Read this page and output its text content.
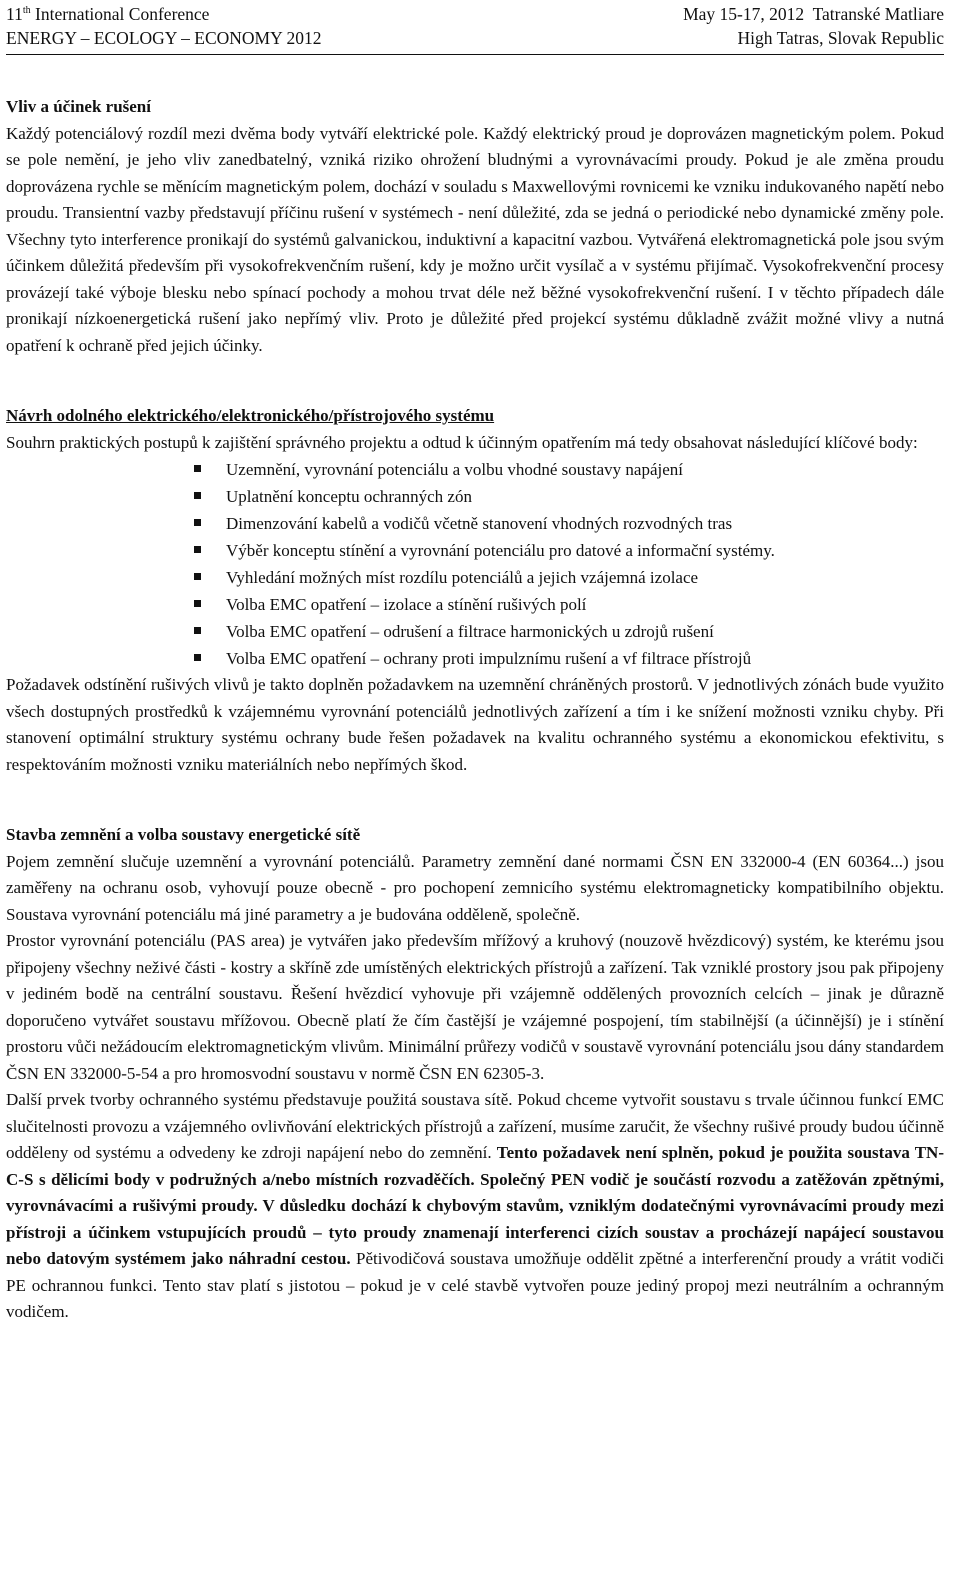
11th International Conference
ENERGY – ECOLOGY – ECONOMY 2012
May 15-17, 2012  Tatranské Matliare
High Tatras, Slovak Republic
Vliv a účinek rušení

Každý potenciálový rozdíl mezi dvěma body vytváří elektrické pole. Každý elektrický proud je doprovázen magnetickým polem. Pokud se pole nemění, je jeho vliv zanedbatelný, vzniká riziko ohrožení bludnými a vyrovnávacími proudy. Pokud je ale změna proudu doprovázena rychle se měnícím magnetickým polem, dochází v souladu s Maxwellovými rovnicemi ke vzniku indukovaného napětí nebo proudu. Transientní vazby představují příčinu rušení v systémech - není důležité, zda se jedná o periodické nebo dynamické změny pole. Všechny tyto interference pronikají do systémů galvanickou, induktivní a kapacitní vazbou. Vytvářená elektromagnetická pole jsou svým účinkem důležitá především při vysokofrekvenčním rušení, kdy je možno určit vysílač a v systému přijímač. Vysokofrekvenční procesy provázejí také výboje blesku nebo spínací pochody a mohou trvat déle než běžné vysokofrekvenční rušení. I v těchto případech dále pronikají nízkoenergetická rušení jako nepřímý vliv. Proto je důležité před projekcí systému důkladně zvážit možné vlivy a nutná opatření k ochraně před jejich účinky.

Návrh odolného elektrického/elektronického/přístrojového systému

Souhrn praktických postupů k zajištění správného projektu a odtud k účinným opatřením má tedy obsahovat následující klíčové body:

Uzemnění, vyrovnání potenciálu a volbu vhodné soustavy napájení
Uplatnění konceptu ochranných zón
Dimenzování kabelů a vodičů včetně stanovení vhodných rozvodných tras
Výběr konceptu stínění a vyrovnání potenciálu pro datové a informační systémy.
Vyhledání možných míst rozdílu potenciálů a jejich vzájemná izolace
Volba EMC opatření – izolace a stínění rušivých polí
Volba EMC opatření – odrušení a filtrace harmonických u zdrojů rušení
Volba EMC opatření – ochrany proti impulznímu rušení a vf filtrace přístrojů

Požadavek odstínění rušivých vlivů je takto doplněn požadavkem na uzemnění chráněných prostorů. V jednotlivých zónách bude využito všech dostupných prostředků k vzájemnému vyrovnání potenciálů jednotlivých zařízení a tím i ke snížení možnosti vzniku chyby. Při stanovení optimální struktury systému ochrany bude řešen požadavek na kvalitu ochranného systému a ekonomickou efektivitu, s respektováním možnosti vzniku materiálních nebo nepřímých škod.

Stavba zemnění a volba soustavy energetické sítě

Pojem zemnění slučuje uzemnění a vyrovnání potenciálů. Parametry zemnění dané normami ČSN EN 332000-4 (EN 60364...) jsou zaměřeny na ochranu osob, vyhovují pouze obecně - pro pochopení zemnicího systému elektromagneticky kompatibilního objektu. Soustava vyrovnání potenciálu má jiné parametry a je budována odděleně, společně.

Prostor vyrovnání potenciálu (PAS area) je vytvářen jako především mřížový a kruhový (nouzově hvězdicový) systém, ke kterému jsou připojeny všechny neživé části - kostry a skříně zde umístěných elektrických přístrojů a zařízení. Tak vzniklé prostory jsou pak připojeny v jediném bodě na centrální soustavu. Řešení hvězdicí vyhovuje při vzájemně oddělených provozních celcích – jinak je důrazně doporučeno vytvářet soustavu mřížovou. Obecně platí že čím častější je vzájemné pospojení, tím stabilnější (a účinnější) je i stínění prostoru vůči nežádoucím elektromagnetickým vlivům. Minimální průřezy vodičů v soustavě vyrovnání potenciálu jsou dány standardem ČSN EN 332000-5-54 a pro hromosvodní soustavu v normě ČSN EN 62305-3.

Další prvek tvorby ochranného systému představuje použitá soustava sítě. Pokud chceme vytvořit soustavu s trvale účinnou funkcí EMC slučitelnosti provozu a vzájemného ovlivňování elektrických přístrojů a zařízení, musíme zaručit, že všechny rušivé proudy budou účinně odděleny od systému a odvedeny ke zdroji napájení nebo do zemnění. Tento požadavek není splněn, pokud je použita soustava TN-C-S s dělicími body v podružných a/nebo místních rozvaděčích. Společný PEN vodič je součástí rozvodu a zatěžován zpětnými, vyrovnávacími a rušivými proudy. V důsledku dochází k chybovým stavům, vzniklým dodatečnými vyrovnávacími proudy mezi přístroji a účinkem vstupujících proudů – tyto proudy znamenají interferenci cizích soustav a procházejí napájecí soustavou nebo datovým systémem jako náhradní cestou. Pětivodičová soustava umožňuje oddělit zpětné a interferenční proudy a vrátit vodiči PE ochrannou funkci. Tento stav platí s jistotou – pokud je v celé stavbě vytvořen pouze jediný propoj mezi neutrálním a ochranným vodičem.
